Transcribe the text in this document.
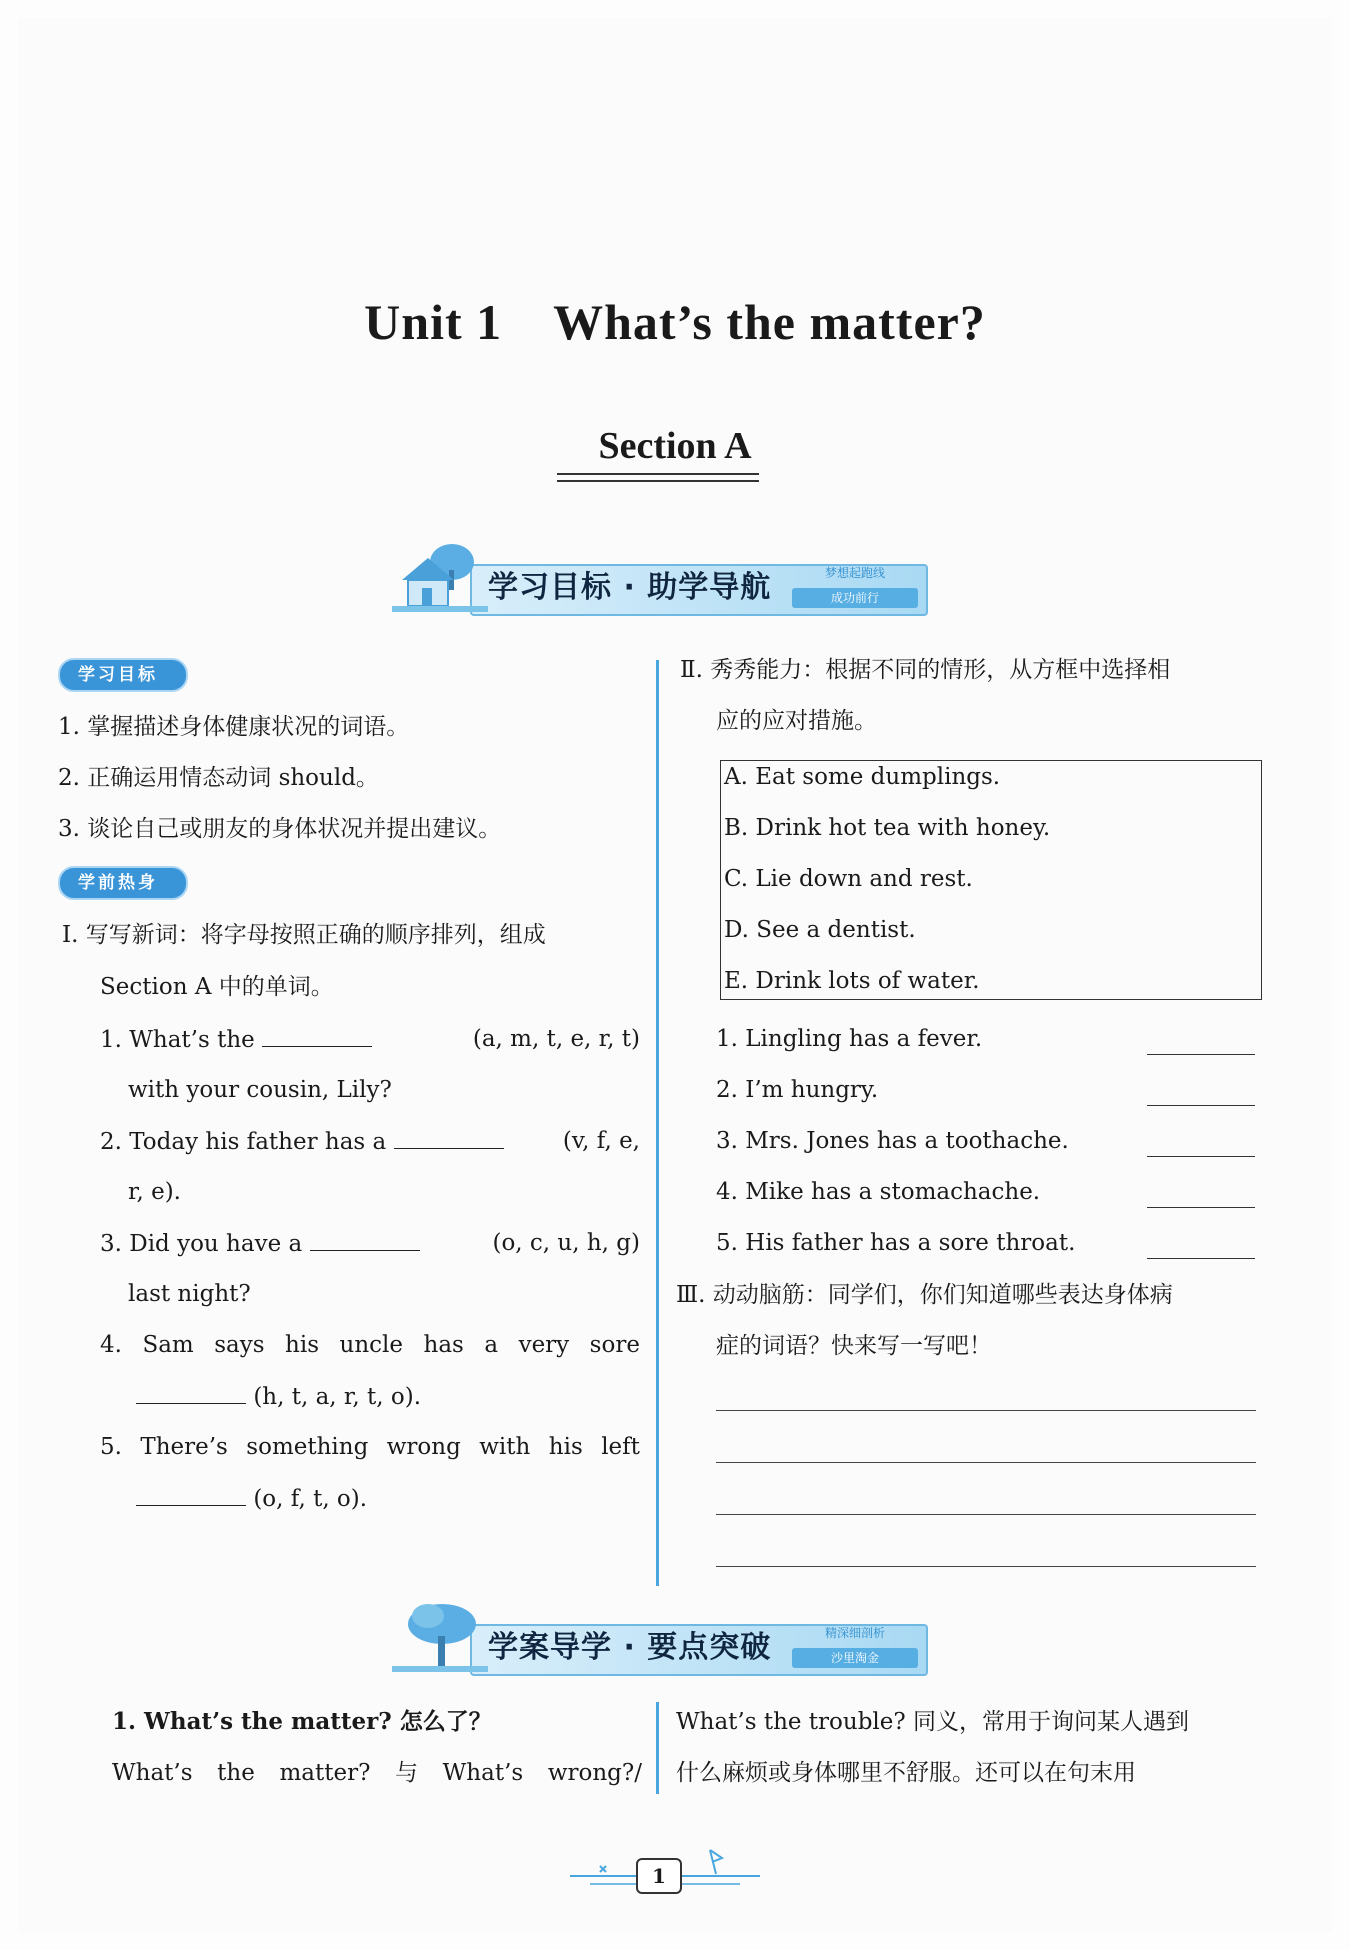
Unit 1　What’s the matter?
Section A
学习目标 · 助学导航	梦想起跑线
成功前行
学习目标
1. 掌握描述身体健康状况的词语。
2. 正确运用情态动词 should。
3. 谈论自己或朋友的身体状况并提出建议。
学前热身
Ⅰ. 写写新词：将字母按照正确的顺序排列，组成
Section A 中的单词。
1. What’s the	(a, m, t, e, r, t)
with your cousin, Lily?
2. Today his father has a	(v, f, e,
r, e).
3. Did you have a	(o, c, u, h, g)
last night?
4. Sam says his uncle has a very sore
(h, t, a, r, t, o).
5. There’s something wrong with his left
(o, f, t, o).
Ⅱ. 秀秀能力：根据不同的情形，从方框中选择相
应的应对措施。
A. Eat some dumplings.
B. Drink hot tea with honey.
C. Lie down and rest.
D. See a dentist.
E. Drink lots of water.
1. Lingling has a fever.
2. I’m hungry.
3. Mrs. Jones has a toothache.
4. Mike has a stomachache.
5. His father has a sore throat.
Ⅲ. 动动脑筋：同学们，你们知道哪些表达身体病
症的词语？快来写一写吧！
学案导学 · 要点突破	精深细剖析
沙里淘金
1. What’s the matter? 怎么了？
What’s the matter? 与 What’s wrong?/
What’s the trouble? 同义，常用于询问某人遇到
什么麻烦或身体哪里不舒服。还可以在句末用
1
